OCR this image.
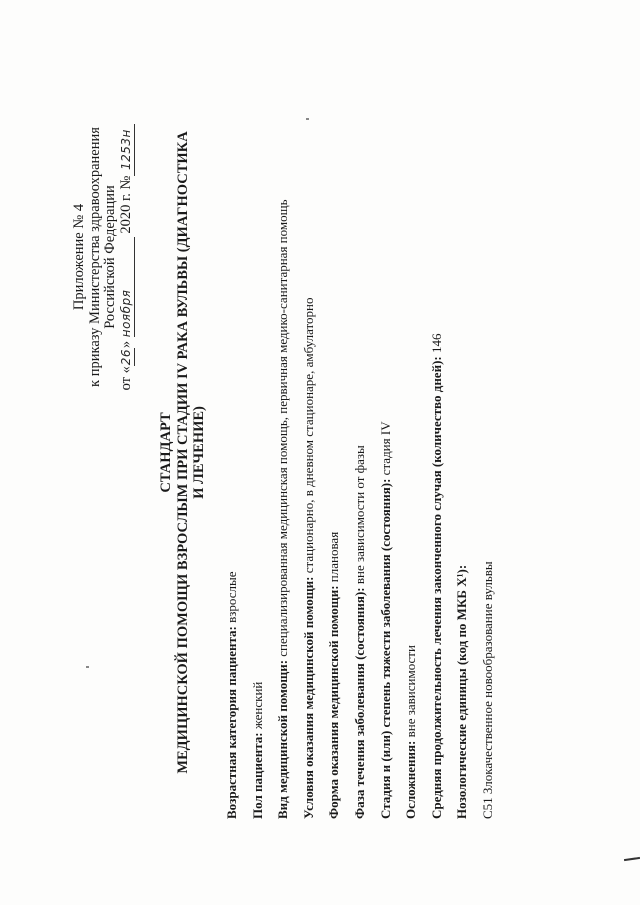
Приложение № 4 к приказу Министерства здравоохранения Российской Федерации
от «26» ноября 2020 г. №1253н
СТАНДАРТ МЕДИЦИНСКОЙ ПОМОЩИ ВЗРОСЛЫМ ПРИ СТАДИИ IV РАКА ВУЛЬВЫ (ДИАГНОСТИКА И ЛЕЧЕНИЕ)
Возрастная категория пациента: взрослые
Пол пациента: женский Вид медицинской помощи: специализированная медицинская помощь, первичная медико-санитарная помощь
Условия оказания медицинской помощи: стационарно, в дневном стационаре, амбулаторно
Форма оказания медицинской помощи: плановая
Фаза течения заболевания (состояния): вне зависимости от фазы Стадия и (или) степень тяжести заболевания (состояния): стадия IV
Осложнения: вне зависимости Средняя продолжительность лечения законченного случая (количество дней): 146
Нозологические единицы (код по МКБ X¹): C51 Злокачественное новообразование вульвы
